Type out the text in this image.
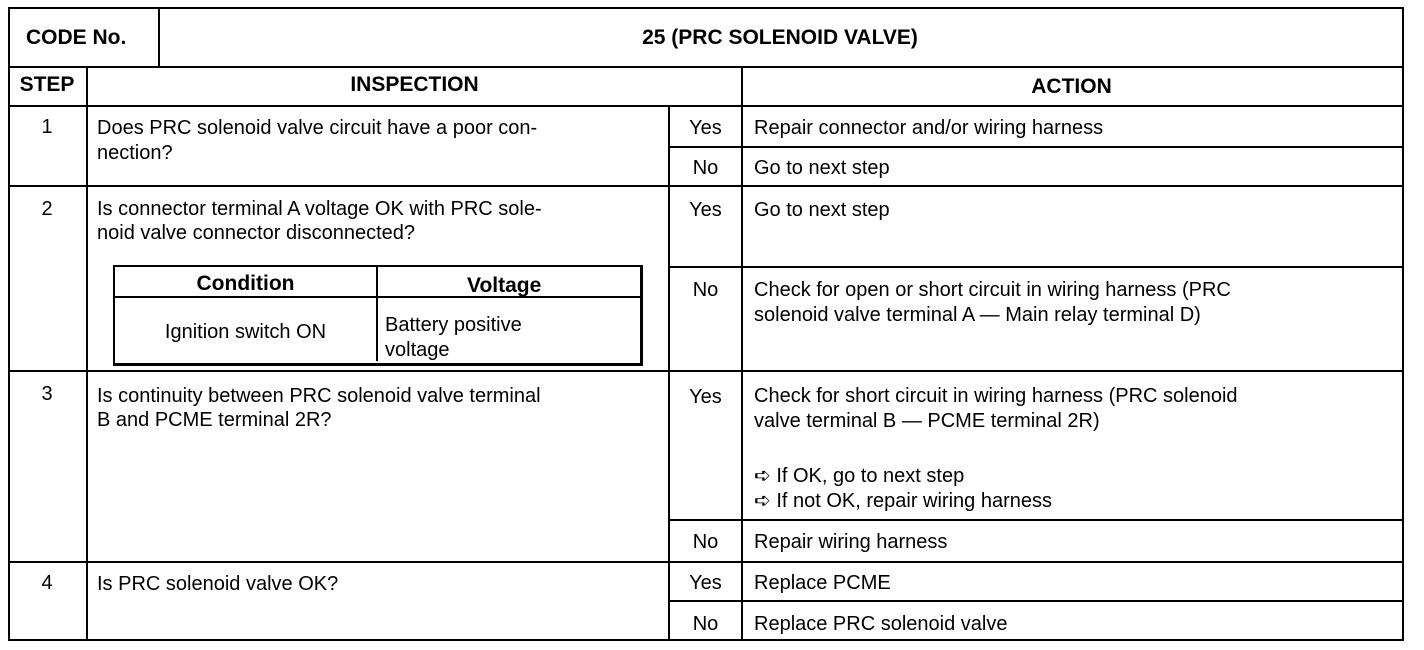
CODE No.	25 (PRC SOLENOID VALVE)
STEP	INSPECTION	ACTION
1	Does PRC solenoid valve circuit have a poor con-
nection?
Yes	Repair connector and/or wiring harness
No	Go to next step
2	Is connector terminal A voltage OK with PRC sole-
noid valve connector disconnected?
Condition	Voltage
Ignition switch ON	Battery positive
voltage
Yes	Go to next step
No	Check for open or short circuit in wiring harness (PRC
solenoid valve terminal A — Main relay terminal D)
3	Is continuity between PRC solenoid valve terminal
B and PCME terminal 2R?
Yes	Check for short circuit in wiring harness (PRC solenoid
valve terminal B — PCME terminal 2R)
➪ If OK, go to next step
➪ If not OK, repair wiring harness
No	Repair wiring harness
4	Is PRC solenoid valve OK?	Yes	Replace PCME
No	Replace PRC solenoid valve
